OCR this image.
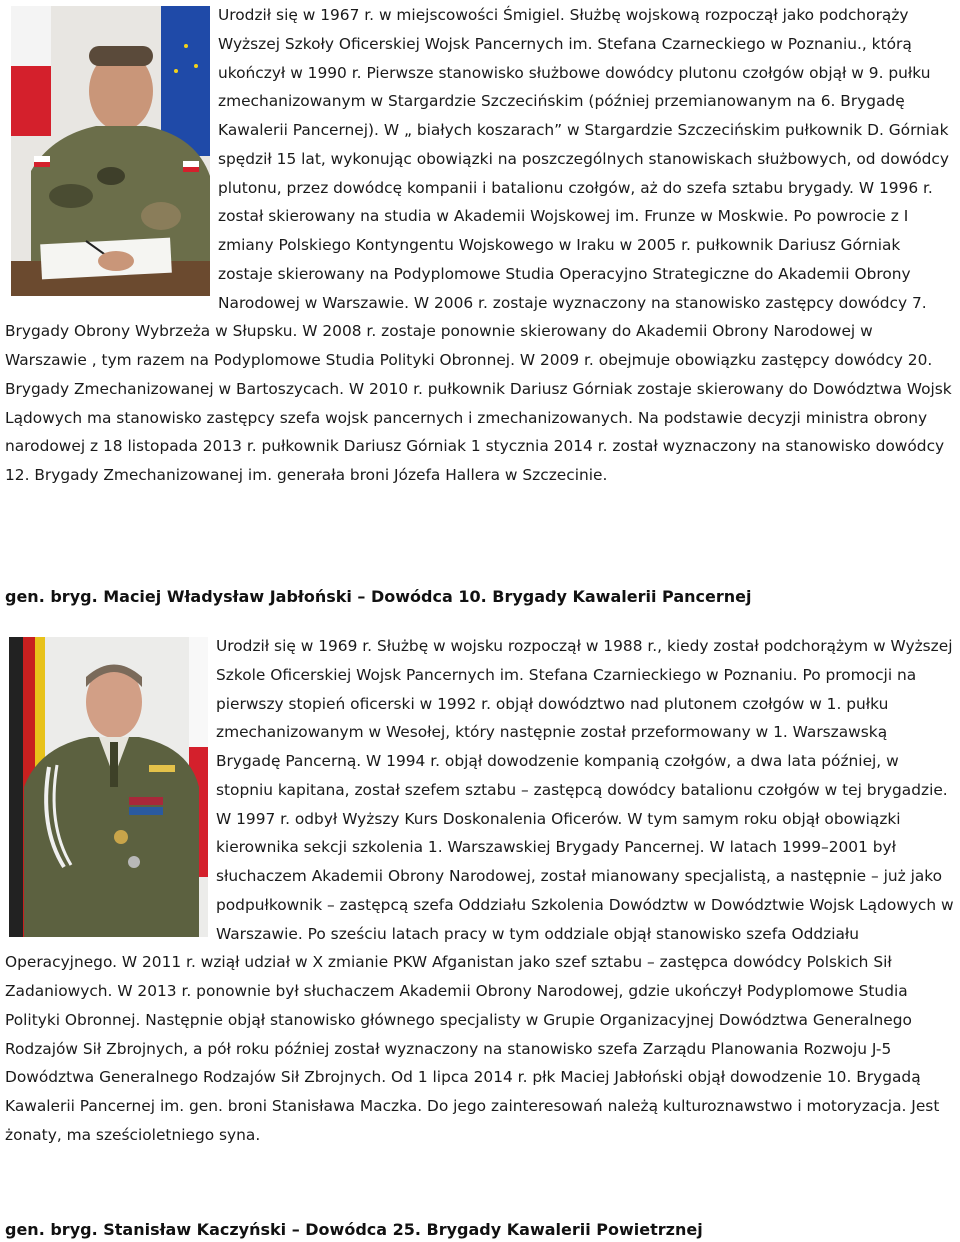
Urodził się w 1967 r. w miejscowości Śmigiel. Służbę wojskową rozpoczął jako podchorąży Wyższej Szkoły Oficerskiej Wojsk Pancernych im. Stefana Czarneckiego w Poznaniu., którą ukończył w 1990 r. Pierwsze stanowisko służbowe dowódcy plutonu czołgów objął w 9. pułku zmechanizowanym w Stargardzie Szczecińskim (później przemianowanym na 6. Brygadę Kawalerii Pancernej). W „ białych koszarach” w Stargardzie Szczecińskim pułkownik D. Górniak spędził 15 lat, wykonując obowiązki na poszczególnych stanowiskach służbowych, od dowódcy plutonu, przez dowódcę kompanii i batalionu czołgów, aż do szefa sztabu brygady. W 1996 r. został skierowany na studia w Akademii Wojskowej im. Frunze w Moskwie. Po powrocie z I zmiany Polskiego Kontyngentu Wojskowego w Iraku w 2005 r. pułkownik Dariusz Górniak zostaje skierowany na Podyplomowe Studia Operacyjno Strategiczne do Akademii Obrony Narodowej w Warszawie. W 2006 r. zostaje wyznaczony na stanowisko zastępcy dowódcy 7. Brygady Obrony Wybrzeża w Słupsku. W 2008 r. zostaje ponownie skierowany do Akademii Obrony Narodowej w Warszawie , tym razem na Podyplomowe Studia Polityki Obronnej. W 2009 r. obejmuje obowiązku zastępcy dowódcy 20. Brygady Zmechanizowanej w Bartoszycach. W 2010 r. pułkownik Dariusz Górniak zostaje skierowany do Dowództwa Wojsk Lądowych ma stanowisko zastępcy szefa wojsk pancernych i zmechanizowanych. Na podstawie decyzji ministra obrony narodowej z 18 listopada 2013 r. pułkownik Dariusz Górniak 1 stycznia 2014 r. został wyznaczony na stanowisko dowódcy 12. Brygady Zmechanizowanej im. generała broni Józefa Hallera w Szczecinie.

gen. bryg. Maciej Władysław Jabłoński – Dowódca 10. Brygady Kawalerii Pancernej

Urodził się w 1969 r. Służbę w wojsku rozpoczął w 1988 r., kiedy został podchorążym w Wyższej Szkole Oficerskiej Wojsk Pancernych im. Stefana Czarnieckiego w Poznaniu. Po promocji na pierwszy stopień oficerski w 1992 r. objął dowództwo nad plutonem czołgów w 1. pułku zmechanizowanym w Wesołej, który następnie został przeformowany w 1. Warszawską Brygadę Pancerną. W 1994 r. objął dowodzenie kompanią czołgów, a dwa lata później, w stopniu kapitana, został szefem sztabu – zastępcą dowódcy batalionu czołgów w tej brygadzie. W 1997 r. odbył Wyższy Kurs Doskonalenia Oficerów. W tym samym roku objął obowiązki kierownika sekcji szkolenia 1. Warszawskiej Brygady Pancernej. W latach 1999–2001 był słuchaczem Akademii Obrony Narodowej, został mianowany specjalistą, a następnie – już jako podpułkownik – zastępcą szefa Oddziału Szkolenia Dowództw w Dowództwie Wojsk Lądowych w Warszawie. Po sześciu latach pracy w tym oddziale objął stanowisko szefa Oddziału Operacyjnego. W 2011 r. wziął udział w X zmianie PKW Afganistan jako szef sztabu – zastępca dowódcy Polskich Sił Zadaniowych. W 2013 r. ponownie był słuchaczem Akademii Obrony Narodowej, gdzie ukończył Podyplomowe Studia Polityki Obronnej. Następnie objął stanowisko głównego specjalisty w Grupie Organizacyjnej Dowództwa Generalnego Rodzajów Sił Zbrojnych, a pół roku później został wyznaczony na stanowisko szefa Zarządu Planowania Rozwoju J-5 Dowództwa Generalnego Rodzajów Sił Zbrojnych. Od 1 lipca 2014 r. płk Maciej Jabłoński objął dowodzenie 10. Brygadą Kawalerii Pancernej im. gen. broni Stanisława Maczka. Do jego zainteresowań należą kulturoznawstwo i motoryzacja. Jest żonaty, ma sześcioletniego syna.

gen. bryg. Stanisław Kaczyński – Dowódca 25. Brygady Kawalerii Powietrznej
